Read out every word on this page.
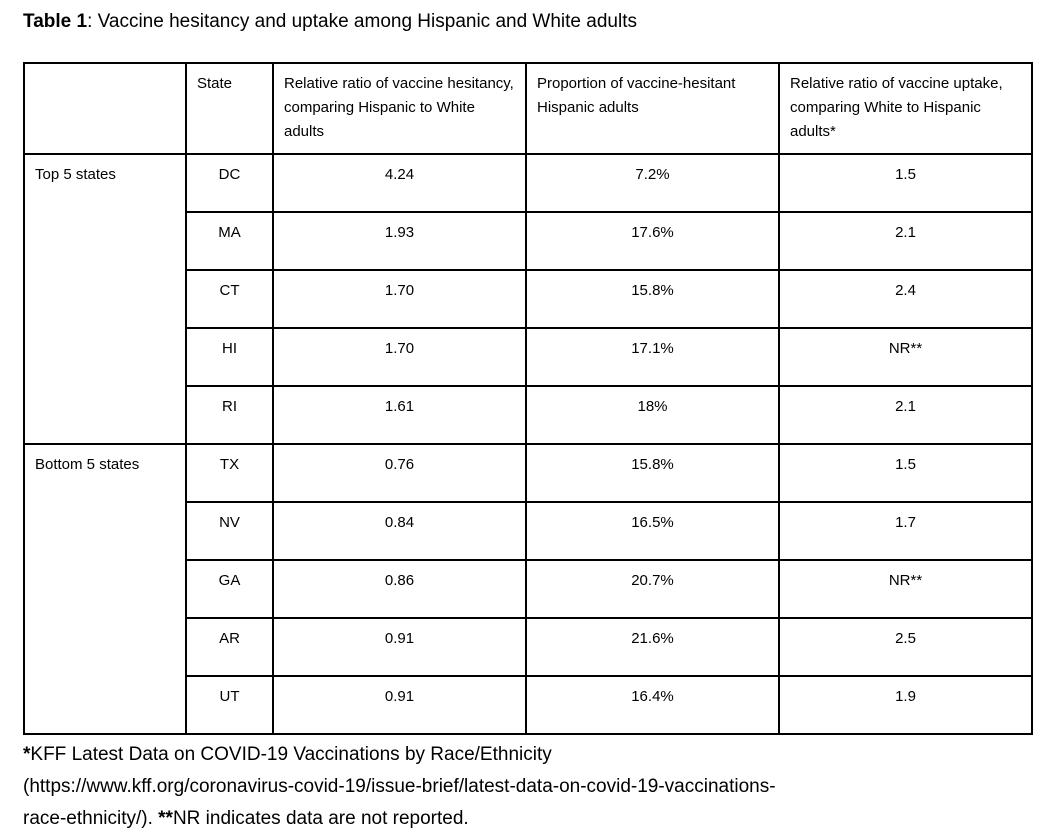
Table 1: Vaccine hesitancy and uptake among Hispanic and White adults
	State	Relative ratio of vaccine hesitancy, comparing Hispanic to White adults	Proportion of vaccine-hesitant Hispanic adults	Relative ratio of vaccine uptake, comparing White to Hispanic adults*
Top 5 states	DC	4.24	7.2%	1.5
	MA	1.93	17.6%	2.1
	CT	1.70	15.8%	2.4
	HI	1.70	17.1%	NR**
	RI	1.61	18%	2.1
Bottom 5 states	TX	0.76	15.8%	1.5
	NV	0.84	16.5%	1.7
	GA	0.86	20.7%	NR**
	AR	0.91	21.6%	2.5
	UT	0.91	16.4%	1.9
*KFF Latest Data on COVID-19 Vaccinations by Race/Ethnicity
(https://www.kff.org/coronavirus-covid-19/issue-brief/latest-data-on-covid-19-vaccinations-
race-ethnicity/). **NR indicates data are not reported.
